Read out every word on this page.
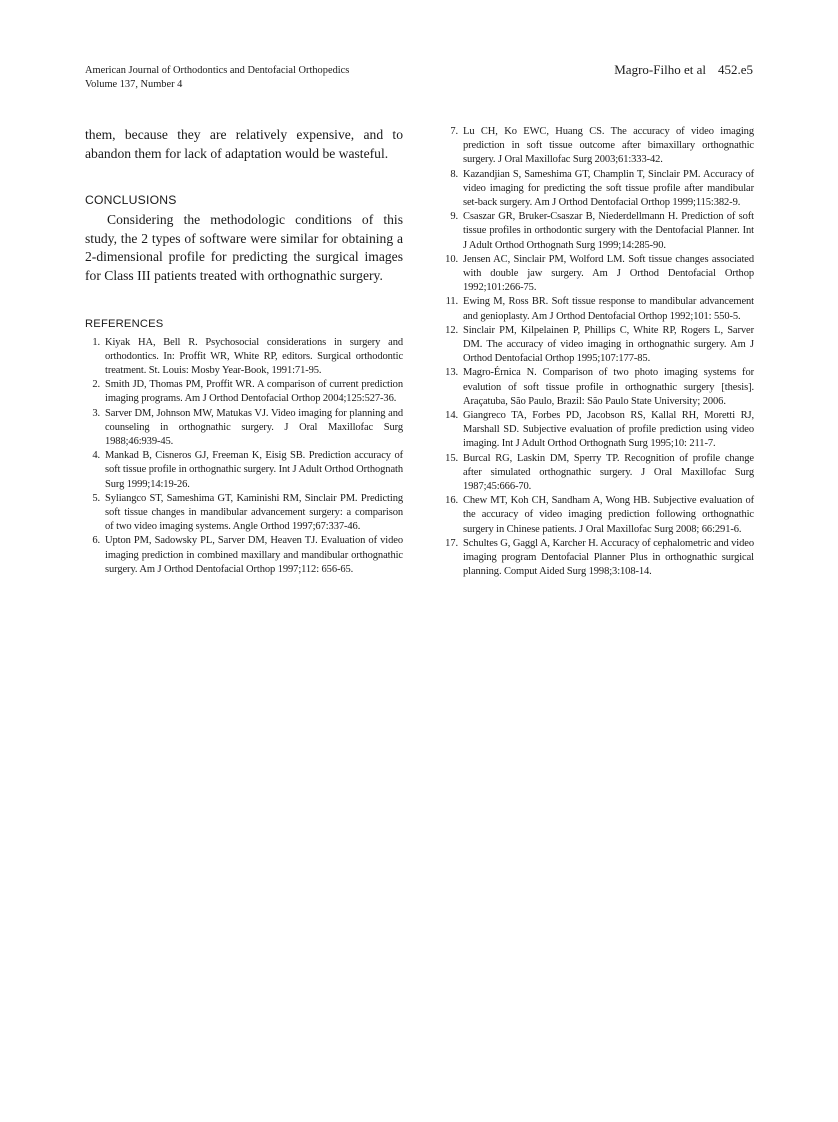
American Journal of Orthodontics and Dentofacial Orthopedics
Volume 137, Number 4
Magro-Filho et al 452.e5

them, because they are relatively expensive, and to abandon them for lack of adaptation would be wasteful.

CONCLUSIONS

Considering the methodologic conditions of this study, the 2 types of software were similar for obtaining a 2-dimensional profile for predicting the surgical images for Class III patients treated with orthognathic surgery.

REFERENCES
1. Kiyak HA, Bell R. Psychosocial considerations in surgery and orthodontics. In: Proffit WR, White RP, editors. Surgical orthodontic treatment. St. Louis: Mosby Year-Book, 1991:71-95.
2. Smith JD, Thomas PM, Proffit WR. A comparison of current prediction imaging programs. Am J Orthod Dentofacial Orthop 2004;125:527-36.
3. Sarver DM, Johnson MW, Matukas VJ. Video imaging for planning and counseling in orthognathic surgery. J Oral Maxillofac Surg 1988;46:939-45.
4. Mankad B, Cisneros GJ, Freeman K, Eisig SB. Prediction accuracy of soft tissue profile in orthognathic surgery. Int J Adult Orthod Orthognath Surg 1999;14:19-26.
5. Syliangco ST, Sameshima GT, Kaminishi RM, Sinclair PM. Predicting soft tissue changes in mandibular advancement surgery: a comparison of two video imaging systems. Angle Orthod 1997;67:337-46.
6. Upton PM, Sadowsky PL, Sarver DM, Heaven TJ. Evaluation of video imaging prediction in combined maxillary and mandibular orthognathic surgery. Am J Orthod Dentofacial Orthop 1997;112: 656-65.
7. Lu CH, Ko EWC, Huang CS. The accuracy of video imaging prediction in soft tissue outcome after bimaxillary orthognathic surgery. J Oral Maxillofac Surg 2003;61:333-42.
8. Kazandjian S, Sameshima GT, Champlin T, Sinclair PM. Accuracy of video imaging for predicting the soft tissue profile after mandibular set-back surgery. Am J Orthod Dentofacial Orthop 1999;115:382-9.
9. Csaszar GR, Bruker-Csaszar B, Niederdellmann H. Prediction of soft tissue profiles in orthodontic surgery with the Dentofacial Planner. Int J Adult Orthod Orthognath Surg 1999;14:285-90.
10. Jensen AC, Sinclair PM, Wolford LM. Soft tissue changes associated with double jaw surgery. Am J Orthod Dentofacial Orthop 1992;101:266-75.
11. Ewing M, Ross BR. Soft tissue response to mandibular advancement and genioplasty. Am J Orthod Dentofacial Orthop 1992;101: 550-5.
12. Sinclair PM, Kilpelainen P, Phillips C, White RP, Rogers L, Sarver DM. The accuracy of video imaging in orthognathic surgery. Am J Orthod Dentofacial Orthop 1995;107:177-85.
13. Magro-Érnica N. Comparison of two photo imaging systems for evalution of soft tissue profile in orthognathic surgery [thesis]. Araçatuba, São Paulo, Brazil: São Paulo State University; 2006.
14. Giangreco TA, Forbes PD, Jacobson RS, Kallal RH, Moretti RJ, Marshall SD. Subjective evaluation of profile prediction using video imaging. Int J Adult Orthod Orthognath Surg 1995;10: 211-7.
15. Burcal RG, Laskin DM, Sperry TP. Recognition of profile change after simulated orthognathic surgery. J Oral Maxillofac Surg 1987;45:666-70.
16. Chew MT, Koh CH, Sandham A, Wong HB. Subjective evaluation of the accuracy of video imaging prediction following orthognathic surgery in Chinese patients. J Oral Maxillofac Surg 2008; 66:291-6.
17. Schultes G, Gaggl A, Karcher H. Accuracy of cephalometric and video imaging program Dentofacial Planner Plus in orthognathic surgical planning. Comput Aided Surg 1998;3:108-14.
